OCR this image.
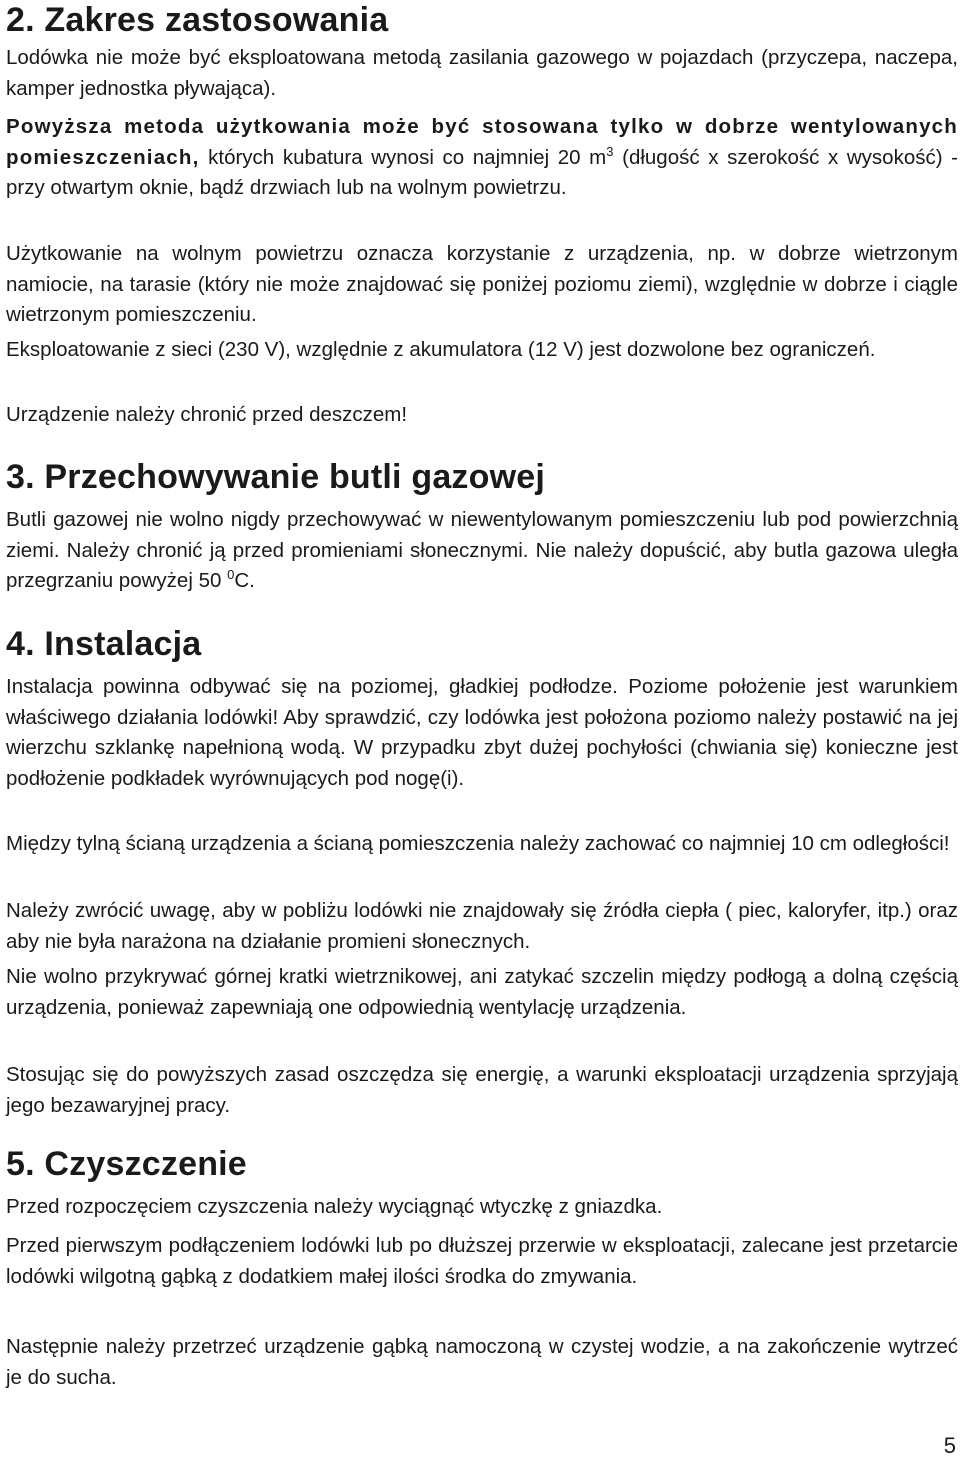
2. Zakres zastosowania

Lodówka nie może być eksploatowana metodą zasilania gazowego w pojazdach (przyczepa, naczepa, kamper jednostka pływająca).

Powyższa metoda użytkowania może być stosowana tylko w dobrze wentylowanych pomieszczeniach, których kubatura wynosi co najmniej 20 $m^3$ (długość x szerokość x wysokość) - przy otwartym oknie, bądź drzwiach lub na wolnym powietrzu.

Użytkowanie na wolnym powietrzu oznacza korzystanie z urządzenia, np. w dobrze wietrzonym namiocie, na tarasie (który nie może znajdować się poniżej poziomu ziemi), względnie w dobrze i ciągle wietrzonym pomieszczeniu.

Eksploatowanie z sieci (230 V), względnie z akumulatora (12 V) jest dozwolone bez ograniczeń.

Urządzenie należy chronić przed deszczem!

3. Przechowywanie butli gazowej

Butli gazowej nie wolno nigdy przechowywać w niewentylowanym pomieszczeniu lub pod powierzchnią ziemi. Należy chronić ją przed promieniami słonecznymi. Nie należy dopuścić, aby butla gazowa uległa przegrzaniu powyżej 50 $^0$C.

4. Instalacja

Instalacja powinna odbywać się na poziomej, gładkiej podłodze. Poziome położenie jest warunkiem właściwego działania lodówki! Aby sprawdzić, czy lodówka jest położona poziomo należy postawić na jej wierzchu szklankę napełnioną wodą. W przypadku zbyt dużej pochyłości (chwiania się) konieczne jest podłożenie podkładek wyrównujących pod nogę(i).

Między tylną ścianą urządzenia a ścianą pomieszczenia należy zachować co najmniej 10 cm odległości!

Należy zwrócić uwagę, aby w pobliżu lodówki nie znajdowały się źródła ciepła ( piec, kaloryfer, itp.) oraz aby nie była narażona na działanie promieni słonecznych.

Nie wolno przykrywać górnej kratki wietrznikowej, ani zatykać szczelin między podłogą a dolną częścią urządzenia, ponieważ zapewniają one odpowiednią wentylację urządzenia.

Stosując się do powyższych zasad oszczędza się energię, a warunki eksploatacji urządzenia sprzyjają jego bezawaryjnej pracy.

5. Czyszczenie

Przed rozpoczęciem czyszczenia należy wyciągnąć wtyczkę z gniazdka.

Przed pierwszym podłączeniem lodówki lub po dłuższej przerwie w eksploatacji, zalecane jest przetarcie lodówki wilgotną gąbką z dodatkiem małej ilości środka do zmywania.

Następnie należy przetrzeć urządzenie gąbką namoczoną w czystej wodzie, a na zakończenie wytrzeć je do sucha.

5
